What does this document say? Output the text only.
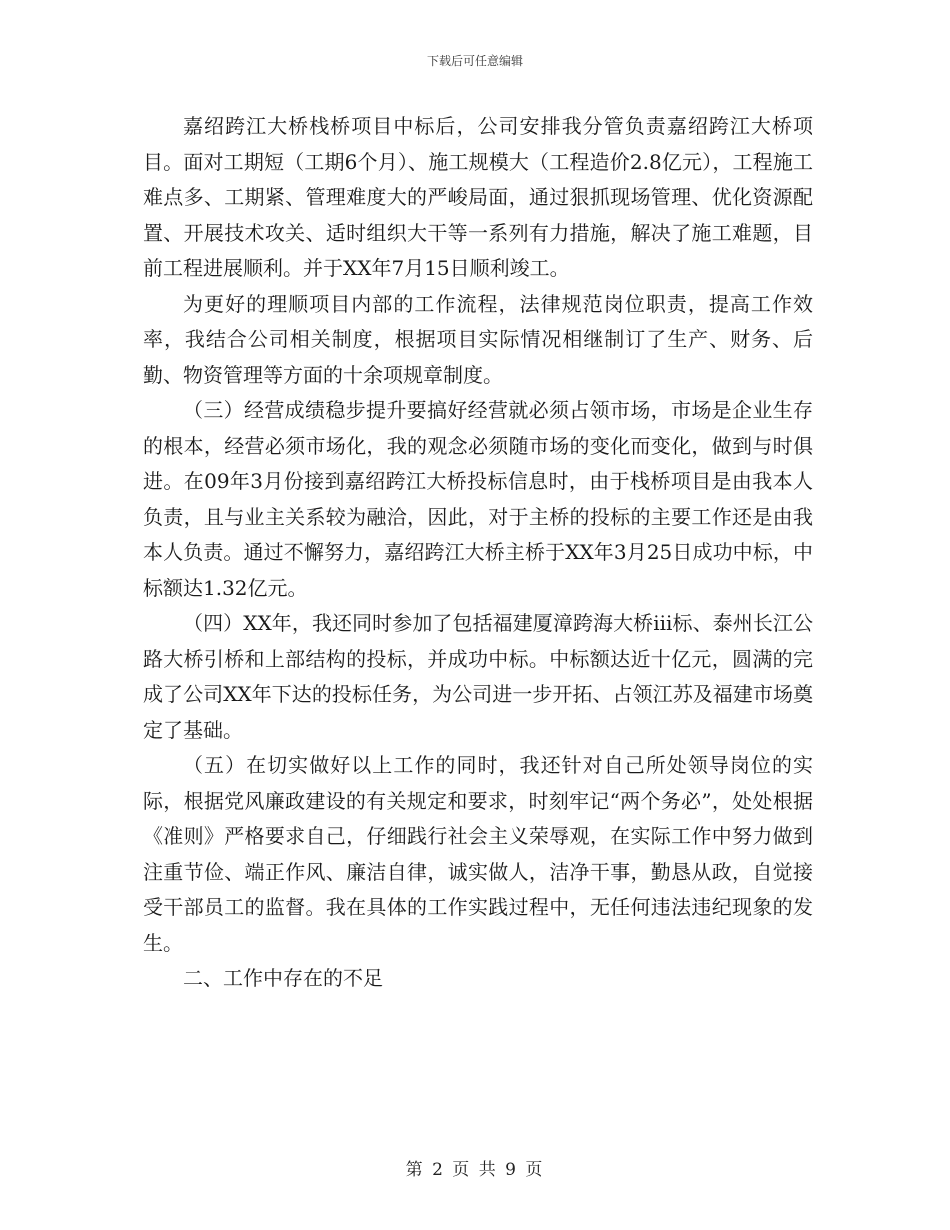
下载后可任意编辑

嘉绍跨江大桥栈桥项目中标后，公司安排我分管负责嘉绍跨江大桥项目。面对工期短（工期6个月）、施工规模大（工程造价2.8亿元），工程施工难点多、工期紧、管理难度大的严峻局面，通过狠抓现场管理、优化资源配置、开展技术攻关、适时组织大干等一系列有力措施，解决了施工难题，目前工程进展顺利。并于XX年7月15日顺利竣工。

为更好的理顺项目内部的工作流程，法律规范岗位职责，提高工作效率，我结合公司相关制度，根据项目实际情况相继制订了生产、财务、后勤、物资管理等方面的十余项规章制度。

（三）经营成绩稳步提升要搞好经营就必须占领市场，市场是企业生存的根本，经营必须市场化，我的观念必须随市场的变化而变化，做到与时俱进。在09年3月份接到嘉绍跨江大桥投标信息时，由于栈桥项目是由我本人负责，且与业主关系较为融洽，因此，对于主桥的投标的主要工作还是由我本人负责。通过不懈努力，嘉绍跨江大桥主桥于XX年3月25日成功中标，中标额达1.32亿元。

（四）XX年，我还同时参加了包括福建厦漳跨海大桥iii标、泰州长江公路大桥引桥和上部结构的投标，并成功中标。中标额达近十亿元，圆满的完成了公司XX年下达的投标任务，为公司进一步开拓、占领江苏及福建市场奠定了基础。

（五）在切实做好以上工作的同时，我还针对自己所处领导岗位的实际，根据党风廉政建设的有关规定和要求，时刻牢记“两个务必”，处处根据《准则》严格要求自己，仔细践行社会主义荣辱观，在实际工作中努力做到注重节俭、端正作风、廉洁自律，诚实做人，洁净干事，勤恳从政，自觉接受干部员工的监督。我在具体的工作实践过程中，无任何违法违纪现象的发生。

二、工作中存在的不足

第 2 页 共 9 页
